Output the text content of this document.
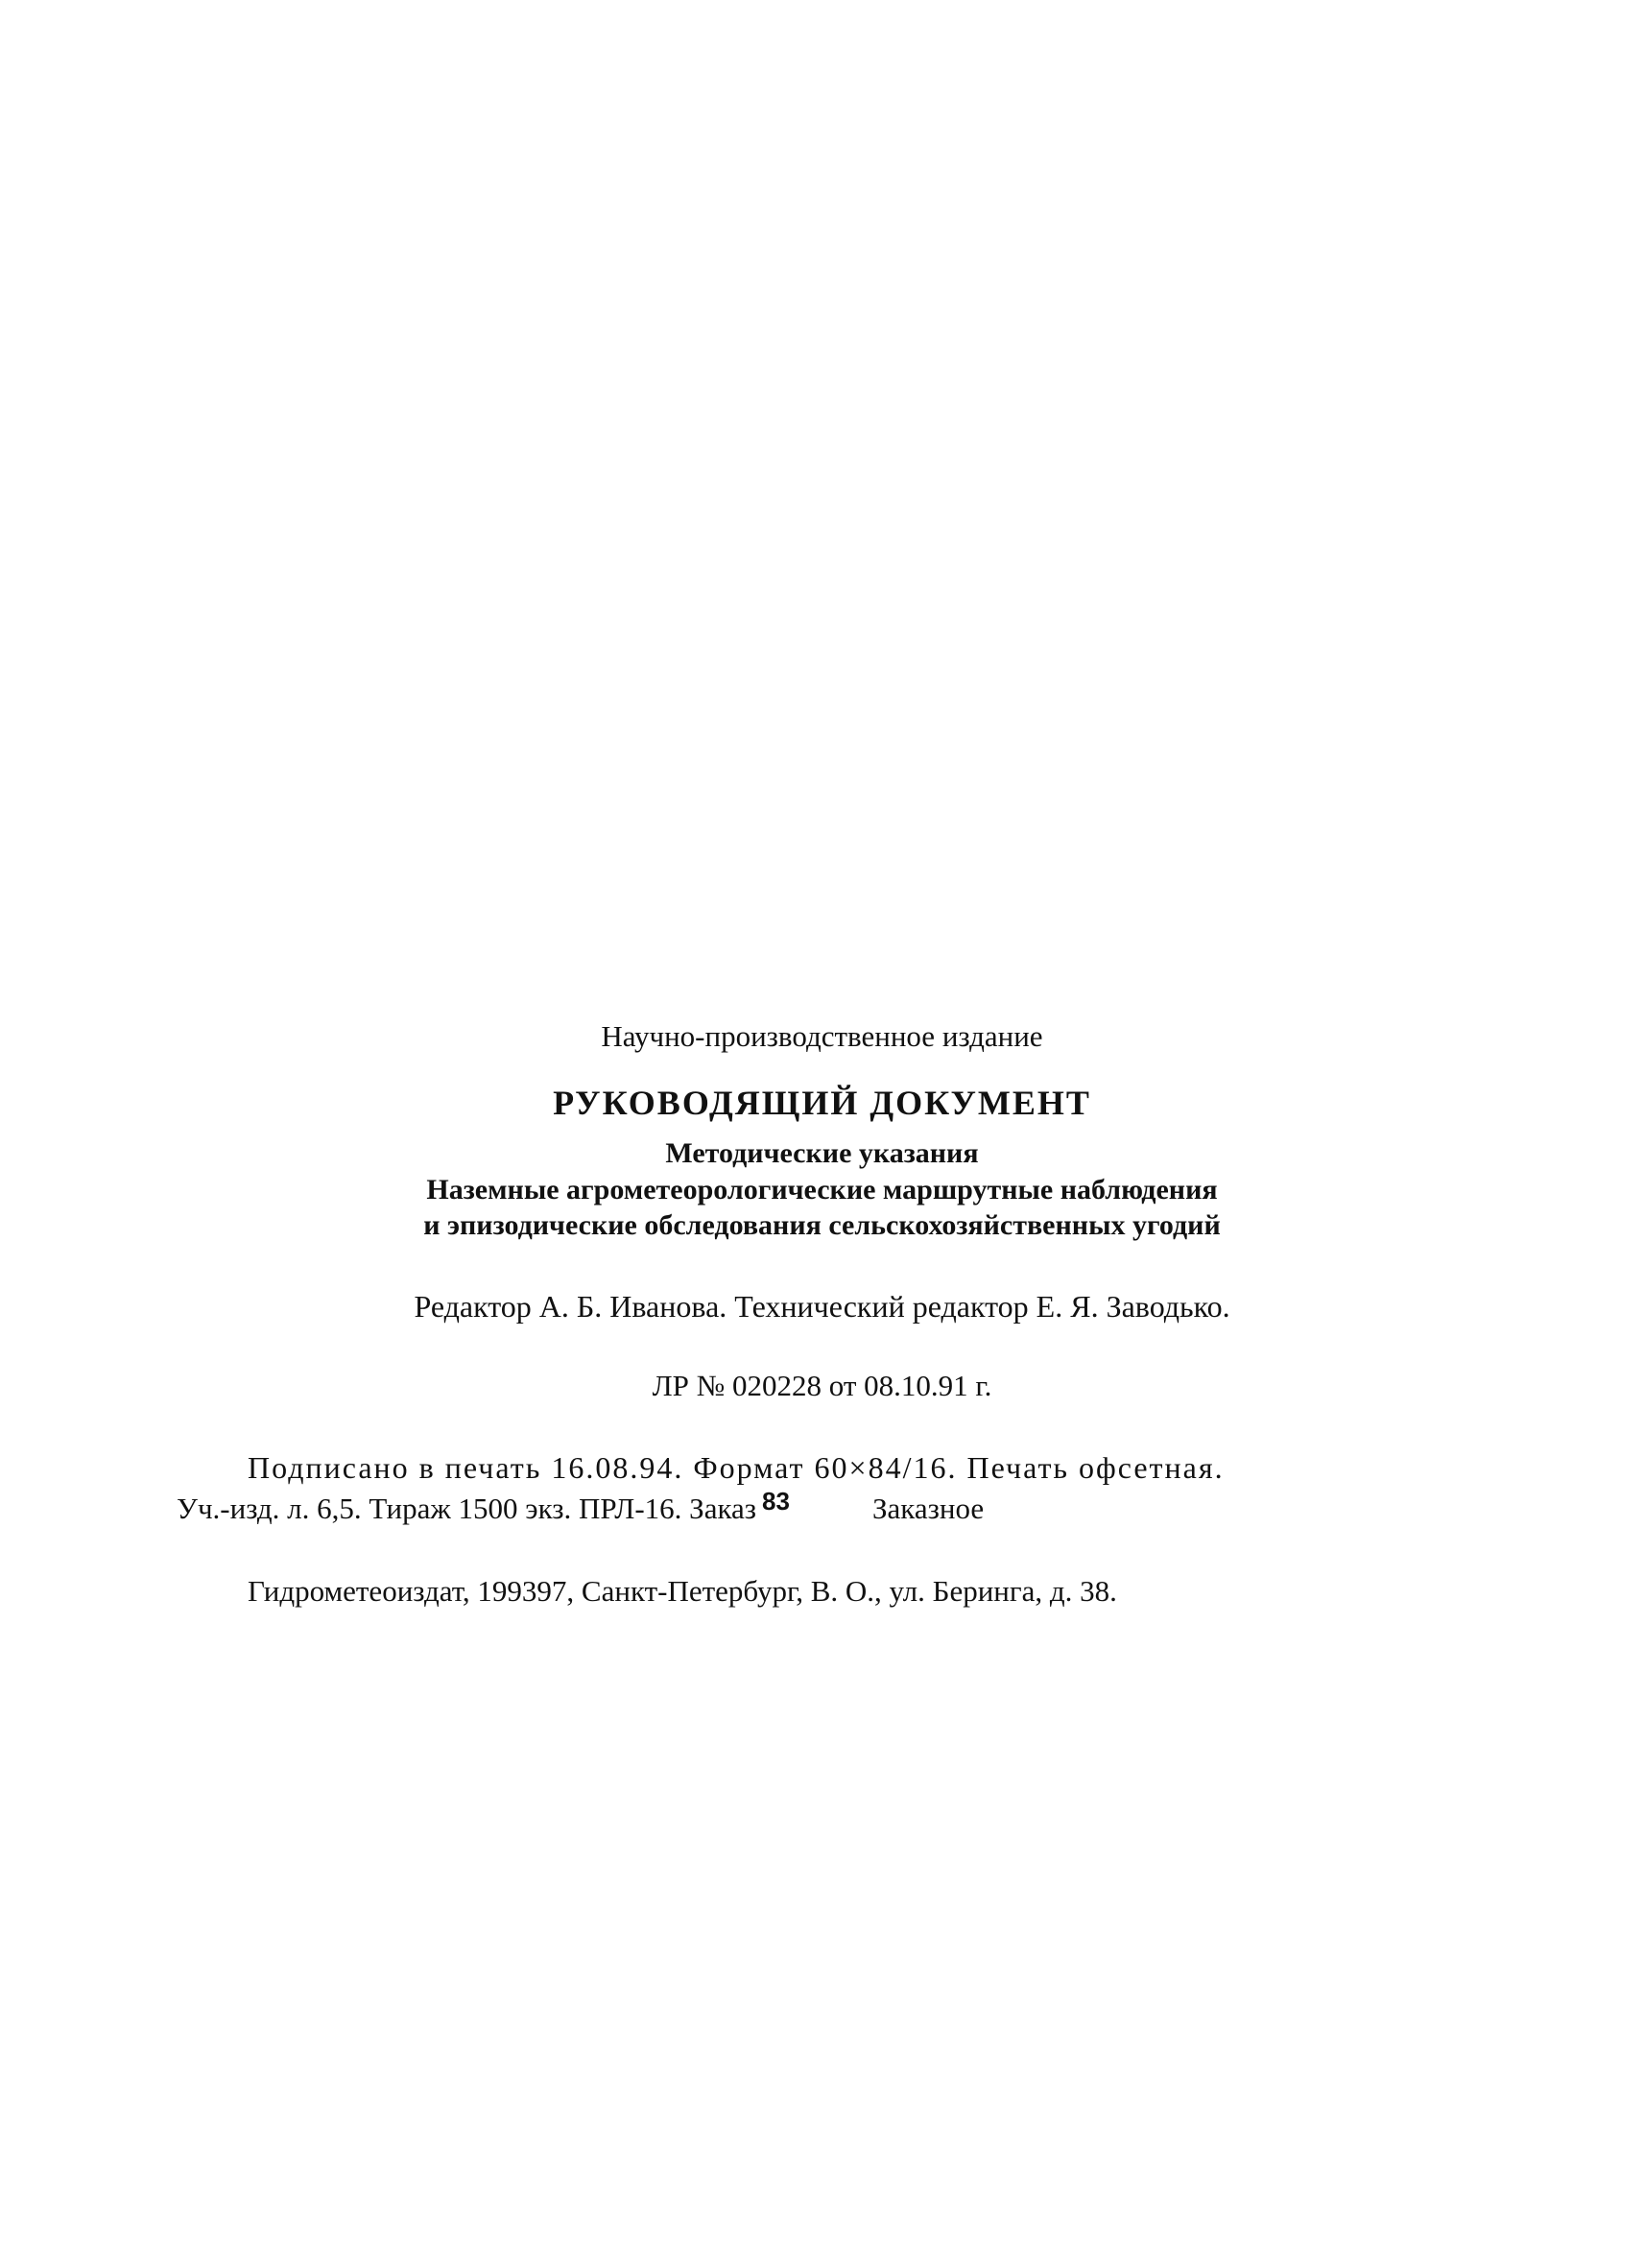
Научно-производственное издание
РУКОВОДЯЩИЙ ДОКУМЕНТ
Методические указания
Наземные агрометеорологические маршрутные наблюдения
и эпизодические обследования сельскохозяйственных угодий
Редактор А. Б. Иванова. Технический редактор Е. Я. Заводько.
ЛР № 020228 от 08.10.91 г.
Подписано в печать 16.08.94. Формат 60×84/16. Печать офсетная.
Уч.-изд. л. 6,5. Тираж 1500 экз. ПРЛ-16. Заказ $^{83}$	Заказное
Гидрометеоиздат, 199397, Санкт-Петербург, В. О., ул. Беринга, д. 38.
